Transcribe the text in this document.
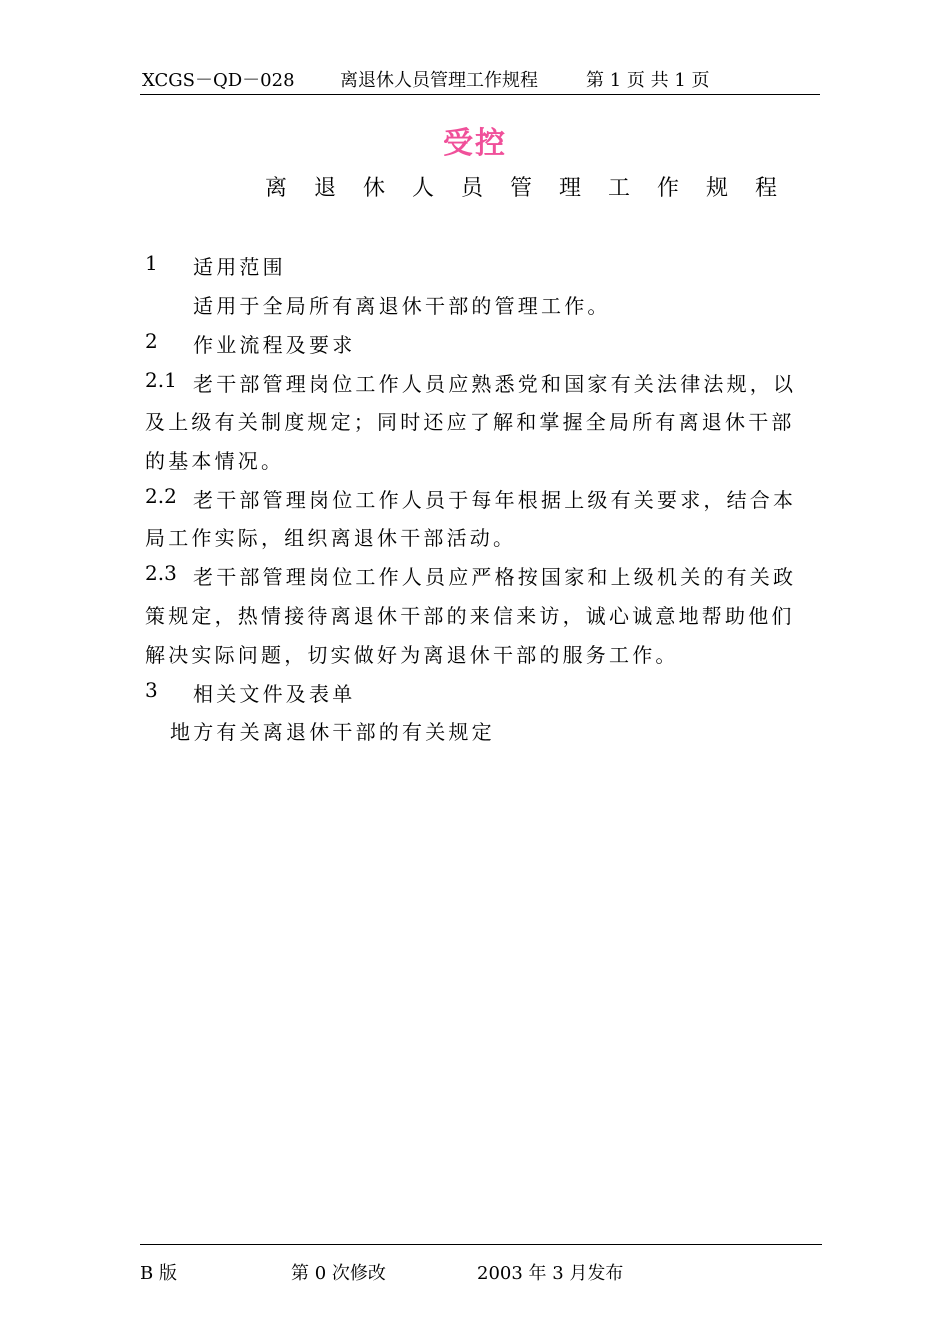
XCGS－QD－028	离退休人员管理工作规程	第 1 页 共 1 页
受控
离 退 休 人 员 管 理 工 作 规 程
1 适用范围
适用于全局所有离退休干部的管理工作。
2 作业流程及要求
2.1 老干部管理岗位工作人员应熟悉党和国家有关法律法规，以
及上级有关制度规定；同时还应了解和掌握全局所有离退休干部
的基本情况。
2.2 老干部管理岗位工作人员于每年根据上级有关要求，结合本
局工作实际，组织离退休干部活动。
2.3 老干部管理岗位工作人员应严格按国家和上级机关的有关政
策规定，热情接待离退休干部的来信来访，诚心诚意地帮助他们
解决实际问题，切实做好为离退休干部的服务工作。
3 相关文件及表单
地方有关离退休干部的有关规定
B 版	第 0 次修改	2003 年 3 月发布
